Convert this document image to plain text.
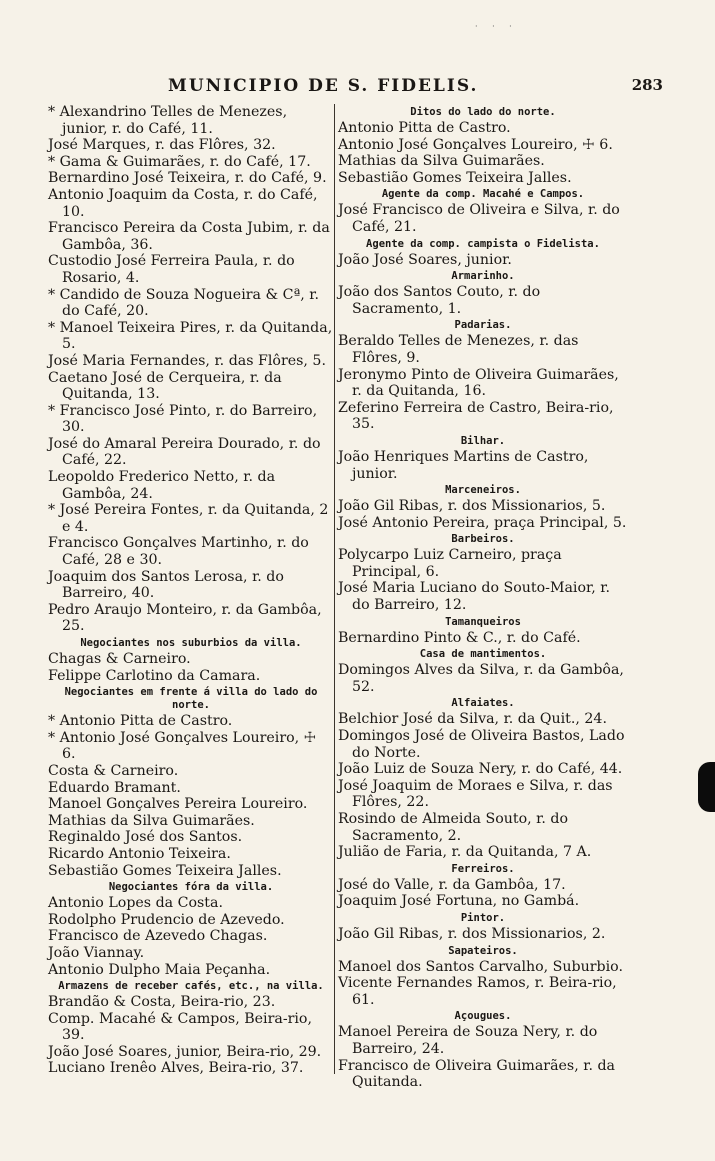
· · ·
MUNICIPIO DE S. FIDELIS.	283

* Alexandrino Telles de Menezes, junior, r. do Café, 11.

José Marques, r. das Flôres, 32.

* Gama & Guimarães, r. do Café, 17.

Bernardino José Teixeira, r. do Café, 9.

Antonio Joaquim da Costa, r. do Café, 10.

Francisco Pereira da Costa Jubim, r. da Gambôa, 36.

Custodio José Ferreira Paula, r. do Rosario, 4.

* Candido de Souza Nogueira & Cª, r. do Café, 20.

* Manoel Teixeira Pires, r. da Quitanda, 5.

José Maria Fernandes, r. das Flôres, 5.

Caetano José de Cerqueira, r. da Quitanda, 13.

* Francisco José Pinto, r. do Barreiro, 30.

José do Amaral Pereira Dourado, r. do Café, 22.

Leopoldo Frederico Netto, r. da Gambôa, 24.

* José Pereira Fontes, r. da Quitanda, 2 e 4.

Francisco Gonçalves Martinho, r. do Café, 28 e 30.

Joaquim dos Santos Lerosa, r. do Barreiro, 40.

Pedro Araujo Monteiro, r. da Gambôa, 25.

Negociantes nos suburbios da villa.

Chagas & Carneiro.

Felippe Carlotino da Camara.

Negociantes em frente á villa do lado do norte.

* Antonio Pitta de Castro.

* Antonio José Gonçalves Loureiro, ☩ 6.

Costa & Carneiro.

Eduardo Bramant.

Manoel Gonçalves Pereira Loureiro.

Mathias da Silva Guimarães.

Reginaldo José dos Santos.

Ricardo Antonio Teixeira.

Sebastião Gomes Teixeira Jalles.

Negociantes fóra da villa.

Antonio Lopes da Costa.

Rodolpho Prudencio de Azevedo.

Francisco de Azevedo Chagas.

João Viannay.

Antonio Dulpho Maia Peçanha.

Armazens de receber cafés, etc., na villa.

Brandão & Costa, Beira-rio, 23.

Comp. Macahé & Campos, Beira-rio, 39.

João José Soares, junior, Beira-rio, 29.

Luciano Irenêo Alves, Beira-rio, 37.

Ditos do lado do norte.

Antonio Pitta de Castro.

Antonio José Gonçalves Loureiro, ☩ 6.

Mathias da Silva Guimarães.

Sebastião Gomes Teixeira Jalles.

Agente da comp. Macahé e Campos.

José Francisco de Oliveira e Silva, r. do Café, 21.

Agente da comp. campista o Fidelista.

João José Soares, junior.

Armarinho.

João dos Santos Couto, r. do Sacramento, 1.

Padarias.

Beraldo Telles de Menezes, r. das Flôres, 9.

Jeronymo Pinto de Oliveira Guimarães, r. da Quitanda, 16.

Zeferino Ferreira de Castro, Beira-rio, 35.

Bilhar.

João Henriques Martins de Castro, junior.

Marceneiros.

João Gil Ribas, r. dos Missionarios, 5.

José Antonio Pereira, praça Principal, 5.

Barbeiros.

Polycarpo Luiz Carneiro, praça Principal, 6.

José Maria Luciano do Souto-Maior, r. do Barreiro, 12.

Tamanqueiros

Bernardino Pinto & C., r. do Café.

Casa de mantimentos.

Domingos Alves da Silva, r. da Gambôa, 52.

Alfaiates.

Belchior José da Silva, r. da Quit., 24.

Domingos José de Oliveira Bastos, Lado do Norte.

João Luiz de Souza Nery, r. do Café, 44.

José Joaquim de Moraes e Silva, r. das Flôres, 22.

Rosindo de Almeida Souto, r. do Sacramento, 2.

Julião de Faria, r. da Quitanda, 7 A.

Ferreiros.

José do Valle, r. da Gambôa, 17.

Joaquim José Fortuna, no Gambá.

Pintor.

João Gil Ribas, r. dos Missionarios, 2.

Sapateiros.

Manoel dos Santos Carvalho, Suburbio.

Vicente Fernandes Ramos, r. Beira-rio, 61.

Açougues.

Manoel Pereira de Souza Nery, r. do Barreiro, 24.

Francisco de Oliveira Guimarães, r. da Quitanda.
